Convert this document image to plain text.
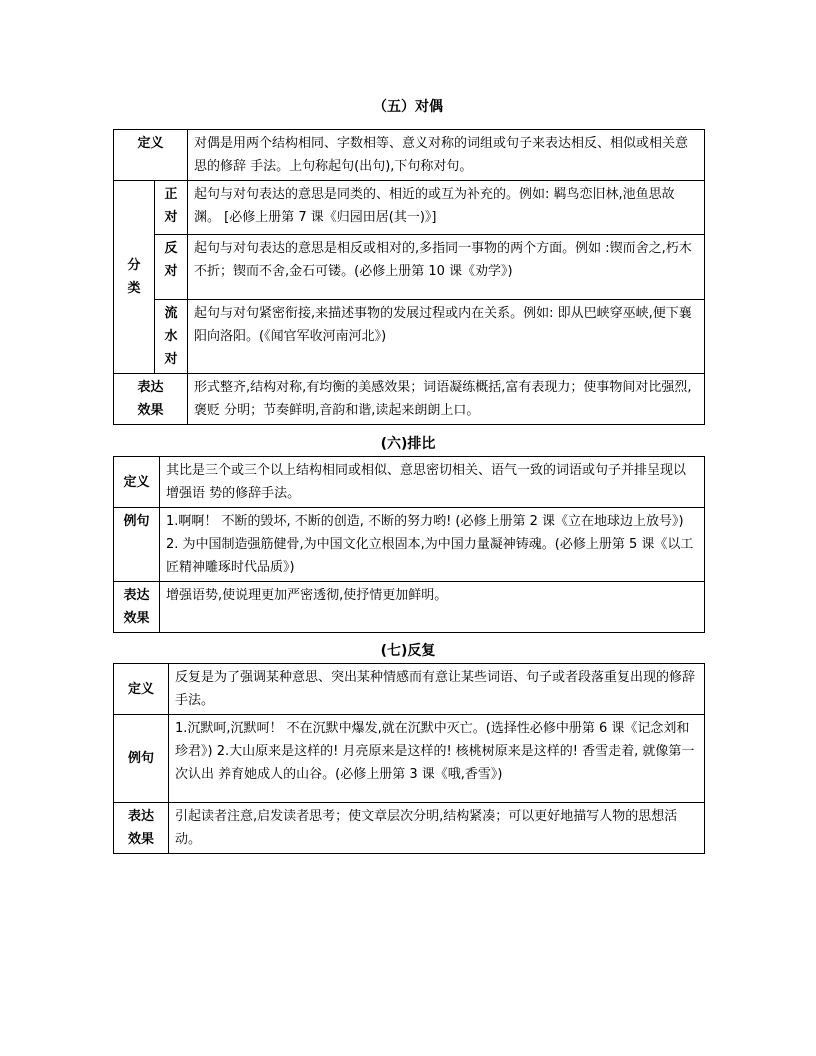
（五）对偶
定义		对偶是用两个结构相同、字数相等、意义对称的词组或句子来表达相反、相似或相关意思的修辞 手法。上句称起句(出句),下句称对句。

分
类	正
对	起句与对句表达的意思是同类的、相近的或互为补充的。例如: 羁鸟恋旧林,池鱼思故渊。 [必修上册第 7 课《归园田居(其一)》]

	反
对	起句与对句表达的意思是相反或相对的,多指同一事物的两个方面。例如 :锲而舍之,朽木不折；锲而不舍,金石可镂。(必修上册第 10 课《劝学》)

	流
水
对	起句与对句紧密衔接,来描述事物的发展过程或内在关系。例如: 即从巴峡穿巫峡,便下襄阳向洛阳。(《闻官军收河南河北》)

表达
效果		形式整齐,结构对称,有均衡的美感效果；词语凝练概括,富有表现力；使事物间对比强烈,褒贬 分明；节奏鲜明,音韵和谐,读起来朗朗上口。
(六)排比
定义	其比是三个或三个以上结构相同或相似、意思密切相关、语气一致的词语或句子并排呈现以增强语 势的修辞手法。
例句	1.啊啊！ 不断的毁坏, 不断的创造, 不断的努力哟! (必修上册第 2 课《立在地球边上放号》) 2. 为中国制造强筋健骨,为中国文化立根固本,为中国力量凝神铸魂。(必修上册第 5 课《以工 匠精神雕琢时代品质》)

表达
效果	增强语势,使说理更加严密透彻,使抒情更加鲜明。
(七)反复
定义	反复是为了强调某种意思、突出某种情感而有意让某些词语、句子或者段落重复出现的修辞手法。
例句	1.沉默呵,沉默呵！ 不在沉默中爆发,就在沉默中灭亡。(选择性必修中册第 6 课《记念刘和珍君》) 2.大山原来是这样的! 月亮原来是这样的! 核桃树原来是这样的! 香雪走着, 就像第一次认出 养育她成人的山谷。(必修上册第 3 课《哦,香雪》)

表达
效果	引起读者注意,启发读者思考；使文章层次分明,结构紧凑；可以更好地描写人物的思想活动。
